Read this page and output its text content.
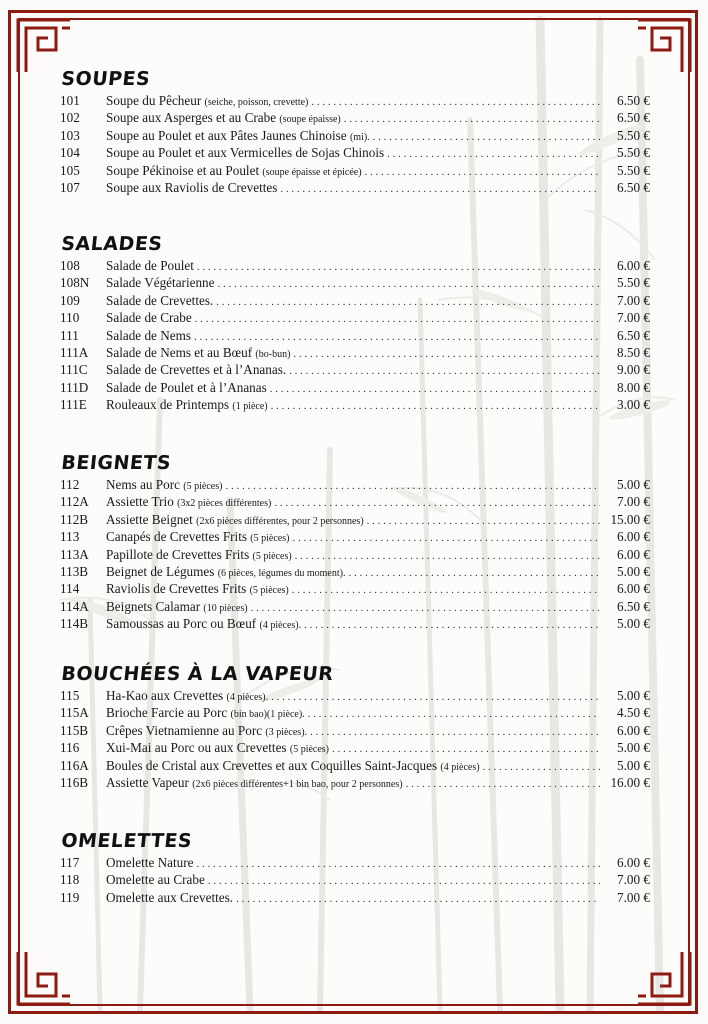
SOUPES
101	Soupe du Pêcheur (seiche, poisson, crevette) . . .	6.50 €
102	Soupe aux Asperges et au Crabe (soupe épaisse) . . .	6.50 €
103	Soupe au Poulet et aux Pâtes Jaunes Chinoise (mi). . . .	5.50 €
104	Soupe au Poulet et aux Vermicelles de Sojas Chinois . . .	5.50 €
105	Soupe Pékinoise et au Poulet (soupe épaisse et épicée) . . .	5.50 €
107	Soupe aux Raviolis de Crevettes . . .	6.50 €
SALADES
108	Salade de Poulet . . .	6.00 €
108N	Salade Végétarienne . . .	5.50 €
109	Salade de Crevettes. . . .	7.00 €
110	Salade de Crabe . . .	7.00 €
111	Salade de Nems . . .	6.50 €
111A	Salade de Nems et au Bœuf (bo-bun) . . .	8.50 €
111C	Salade de Crevettes et à l’Ananas. . . .	9.00 €
111D	Salade de Poulet et à l’Ananas . . .	8.00 €
111E	Rouleaux de Printemps (1 pièce) . . .	3.00 €
BEIGNETS
112	Nems au Porc (5 pièces) . . .	5.00 €
112A	Assiette Trio (3x2 pièces différentes) . . .	7.00 €
112B	Assiette Beignet (2x6 pièces différentes, pour 2 personnes) . . .	15.00 €
113	Canapés de Crevettes Frits (5 pièces) . . .	6.00 €
113A	Papillote de Crevettes Frits (5 pièces) . . .	6.00 €
113B	Beignet de Légumes (6 pièces, légumes du moment). . . .	5.00 €
114	Raviolis de Crevettes Frits (5 pièces) . . .	6.00 €
114A	Beignets Calamar (10 pièces) . . .	6.50 €
114B	Samoussas au Porc ou Bœuf (4 pièces). . . .	5.00 €
BOUCHÉES À LA VAPEUR
115	Ha-Kao aux Crevettes (4 pièces). . . .	5.00 €
115A	Brioche Farcie au Porc (bin bao)(1 pièce). . . .	4.50 €
115B	Crêpes Vietnamienne au Porc (3 pièces). . . .	6.00 €
116	Xui-Mai au Porc ou aux Crevettes (5 pièces) . . .	5.00 €
116A	Boules de Cristal aux Crevettes et aux Coquilles Saint-Jacques (4 pièces) . . .	5.00 €
116B	Assiette Vapeur (2x6 pièces différentes+1 bin bao, pour 2 personnes) . . .	16.00 €
OMELETTES
117	Omelette Nature . . .	6.00 €
118	Omelette au Crabe . . .	7.00 €
119	Omelette aux Crevettes. . . .	7.00 €
